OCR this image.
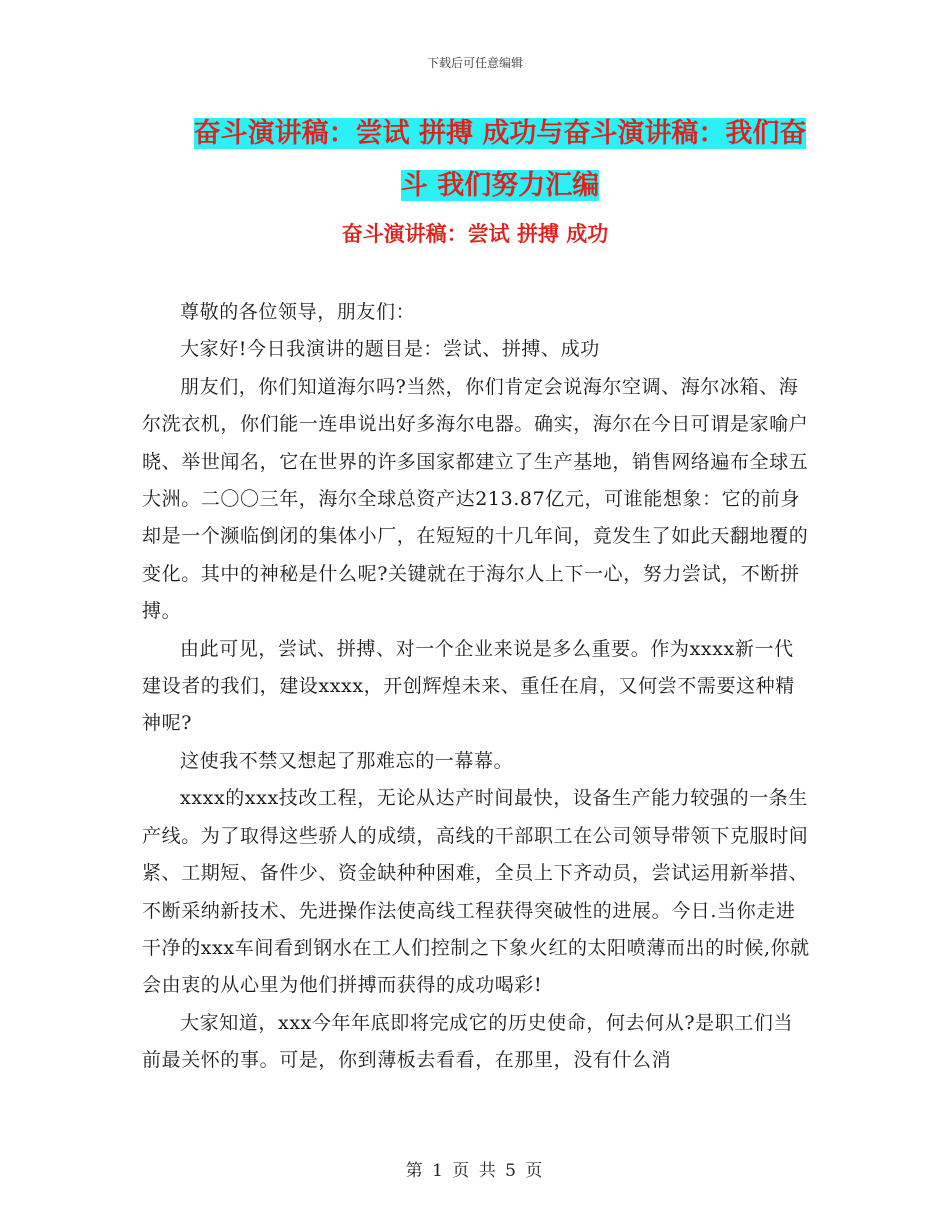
下载后可任意编辑
奋斗演讲稿：尝试 拼搏 成功与奋斗演讲稿：我们奋斗 我们努力汇编
奋斗演讲稿：尝试 拼搏 成功

尊敬的各位领导，朋友们：

大家好!今日我演讲的题目是：尝试、拼搏、成功

朋友们，你们知道海尔吗?当然，你们肯定会说海尔空调、海尔冰箱、海尔洗衣机，你们能一连串说出好多海尔电器。确实，海尔在今日可谓是家喻户晓、举世闻名，它在世界的许多国家都建立了生产基地，销售网络遍布全球五大洲。二〇〇三年，海尔全球总资产达213.87亿元，可谁能想象：它的前身却是一个濒临倒闭的集体小厂，在短短的十几年间，竟发生了如此天翻地覆的变化。其中的神秘是什么呢?关键就在于海尔人上下一心，努力尝试，不断拼搏。

由此可见，尝试、拼搏、对一个企业来说是多么重要。作为xxxx新一代建设者的我们，建设xxxx，开创辉煌未来、重任在肩，又何尝不需要这种精神呢?

这使我不禁又想起了那难忘的一幕幕。

xxxx的xxx技改工程，无论从达产时间最快，设备生产能力较强的一条生产线。为了取得这些骄人的成绩，高线的干部职工在公司领导带领下克服时间紧、工期短、备件少、资金缺种种困难，全员上下齐动员，尝试运用新举措、不断采纳新技术、先进操作法使高线工程获得突破性的进展。今日.当你走进干净的xxx车间看到钢水在工人们控制之下象火红的太阳喷薄而出的时候,你就会由衷的从心里为他们拼搏而获得的成功喝彩!

大家知道，xxx今年年底即将完成它的历史使命，何去何从?是职工们当前最关怀的事。可是，你到薄板去看看，在那里，没有什么消

第 1 页 共 5 页
